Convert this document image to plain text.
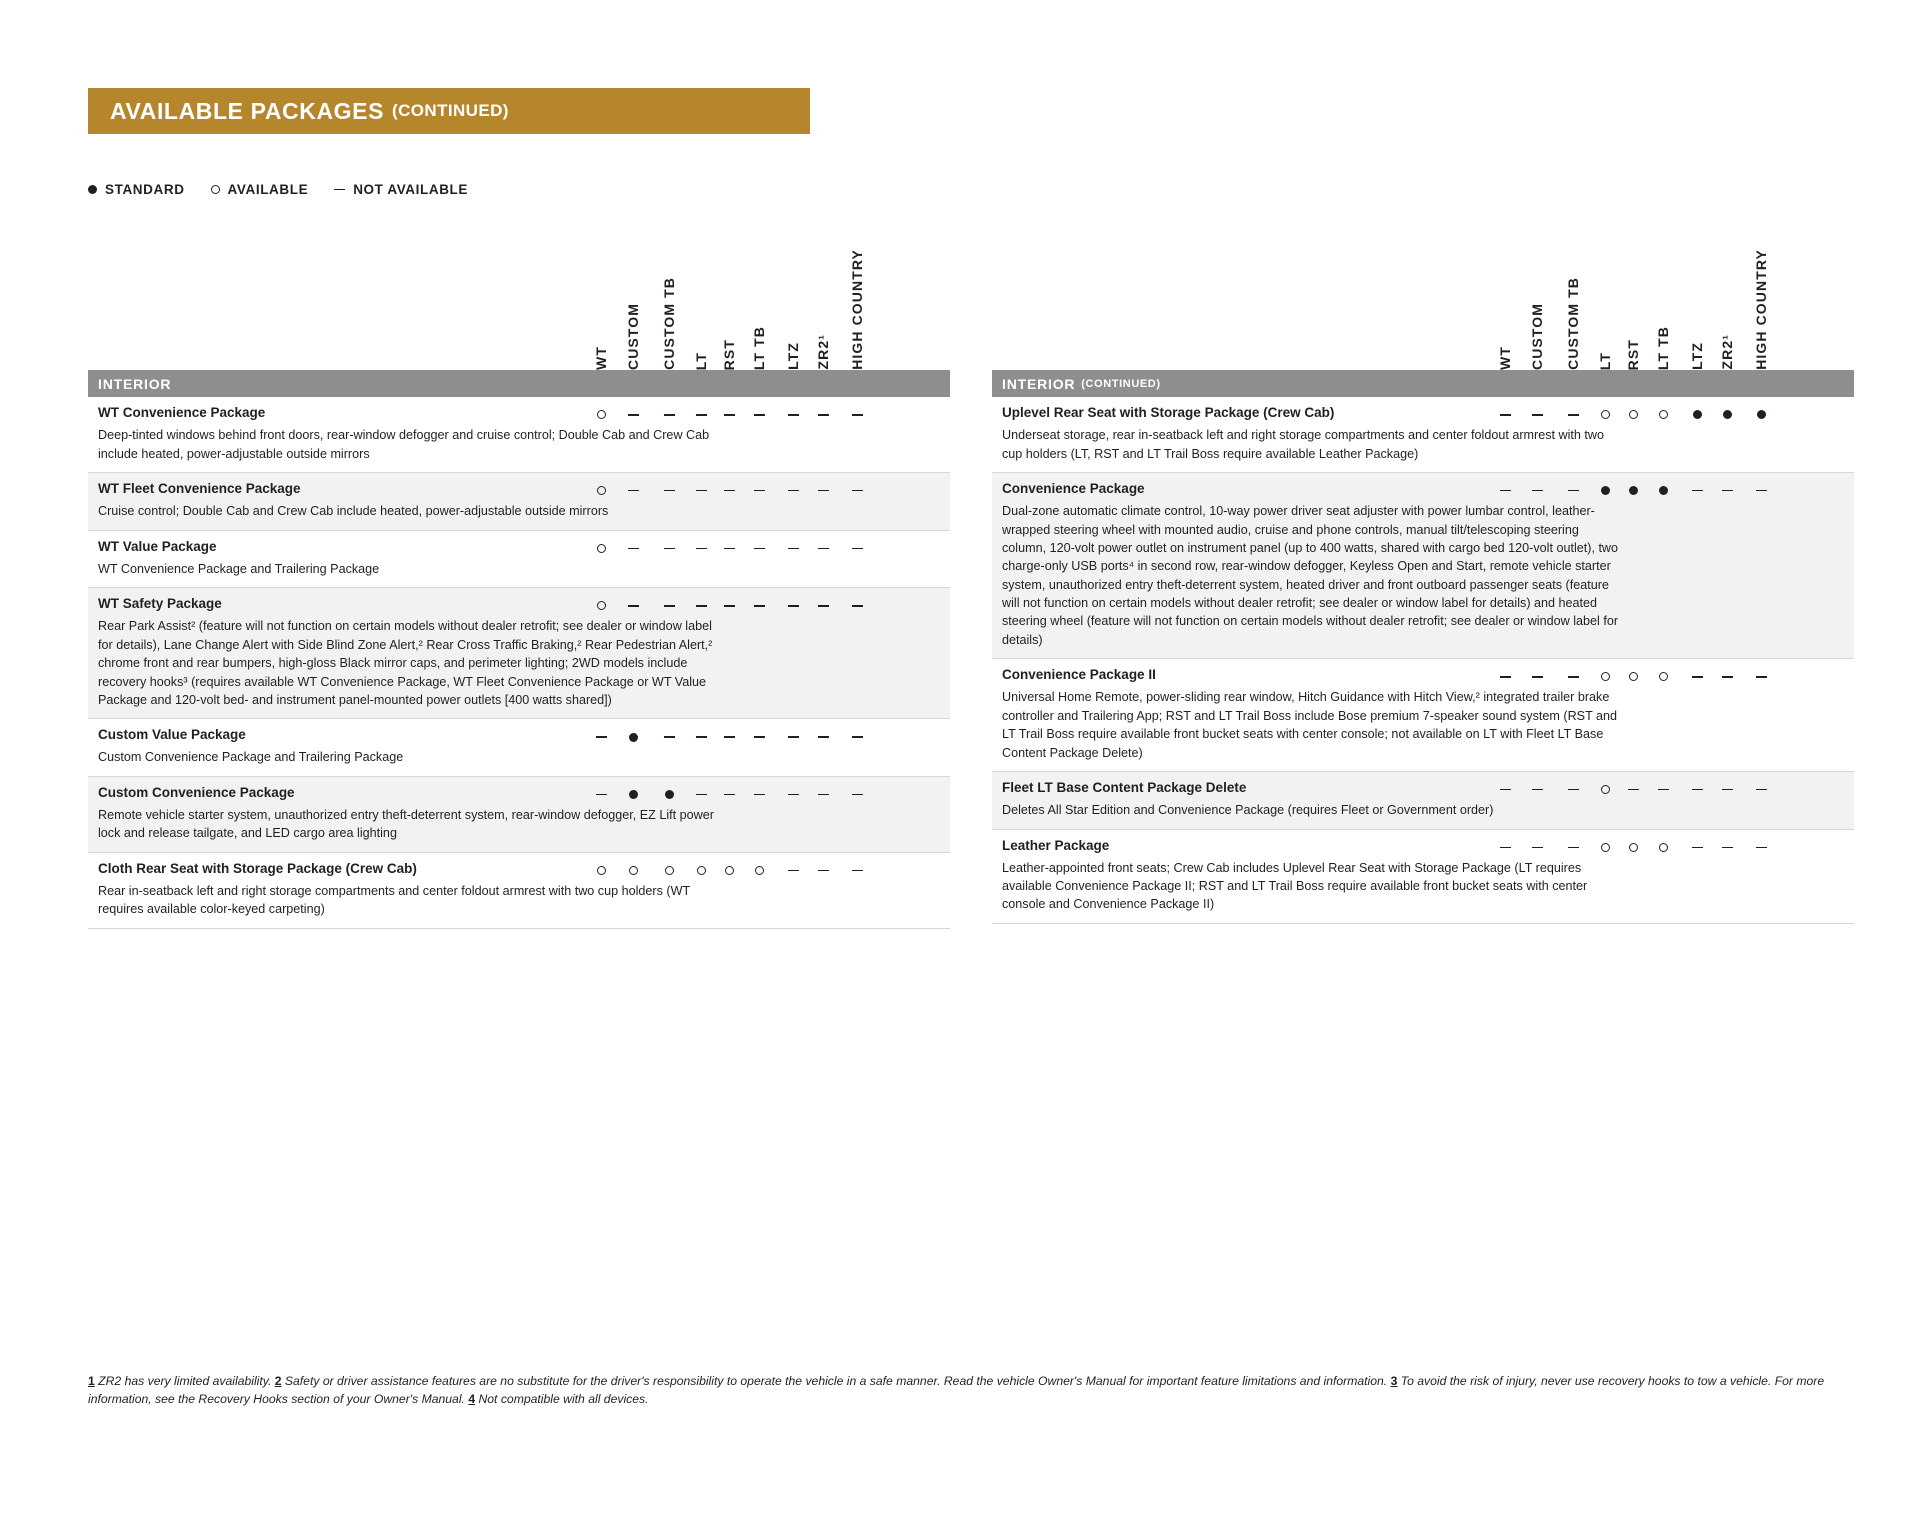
AVAILABLE PACKAGES (CONTINUED)
STANDARD	AVAILABLE	NOT AVAILABLE
WT CUSTOM CUSTOM TB LT RST LT TB LTZ ZR2¹ HIGH COUNTRY
INTERIOR
WT Convenience Package
Deep-tinted windows behind front doors, rear-window defogger and cruise control; Double Cab and Crew Cab include heated, power-adjustable outside mirrors
WT Fleet Convenience Package
Cruise control; Double Cab and Crew Cab include heated, power-adjustable outside mirrors
WT Value Package
WT Convenience Package and Trailering Package
WT Safety Package
Rear Park Assist² (feature will not function on certain models without dealer retrofit; see dealer or window label for details), Lane Change Alert with Side Blind Zone Alert,² Rear Cross Traffic Braking,² Rear Pedestrian Alert,² chrome front and rear bumpers, high-gloss Black mirror caps, and perimeter lighting; 2WD models include recovery hooks³ (requires available WT Convenience Package, WT Fleet Convenience Package or WT Value Package and 120-volt bed- and instrument panel-mounted power outlets [400 watts shared])
Custom Value Package
Custom Convenience Package and Trailering Package
Custom Convenience Package
Remote vehicle starter system, unauthorized entry theft-deterrent system, rear-window defogger, EZ Lift power lock and release tailgate, and LED cargo area lighting
Cloth Rear Seat with Storage Package (Crew Cab)
Rear in-seatback left and right storage compartments and center foldout armrest with two cup holders (WT requires available color-keyed carpeting)
WT CUSTOM CUSTOM TB LT RST LT TB LTZ ZR2¹ HIGH COUNTRY
INTERIOR (CONTINUED)
Uplevel Rear Seat with Storage Package (Crew Cab)
Underseat storage, rear in-seatback left and right storage compartments and center foldout armrest with two cup holders (LT, RST and LT Trail Boss require available Leather Package)
Convenience Package
Dual-zone automatic climate control, 10-way power driver seat adjuster with power lumbar control, leather-wrapped steering wheel with mounted audio, cruise and phone controls, manual tilt/telescoping steering column, 120-volt power outlet on instrument panel (up to 400 watts, shared with cargo bed 120-volt outlet), two charge-only USB ports⁴ in second row, rear-window defogger, Keyless Open and Start, remote vehicle starter system, unauthorized entry theft-deterrent system, heated driver and front outboard passenger seats (feature will not function on certain models without dealer retrofit; see dealer or window label for details) and heated steering wheel (feature will not function on certain models without dealer retrofit; see dealer or window label for details)
Convenience Package II
Universal Home Remote, power-sliding rear window, Hitch Guidance with Hitch View,² integrated trailer brake controller and Trailering App; RST and LT Trail Boss include Bose premium 7-speaker sound system (RST and LT Trail Boss require available front bucket seats with center console; not available on LT with Fleet LT Base Content Package Delete)
Fleet LT Base Content Package Delete
Deletes All Star Edition and Convenience Package (requires Fleet or Government order)
Leather Package
Leather-appointed front seats; Crew Cab includes Uplevel Rear Seat with Storage Package (LT requires available Convenience Package II; RST and LT Trail Boss require available front bucket seats with center console and Convenience Package II)
1 ZR2 has very limited availability. 2 Safety or driver assistance features are no substitute for the driver's responsibility to operate the vehicle in a safe manner. Read the vehicle Owner's Manual for important feature limitations and information. 3 To avoid the risk of injury, never use recovery hooks to tow a vehicle. For more information, see the Recovery Hooks section of your Owner's Manual. 4 Not compatible with all devices.
